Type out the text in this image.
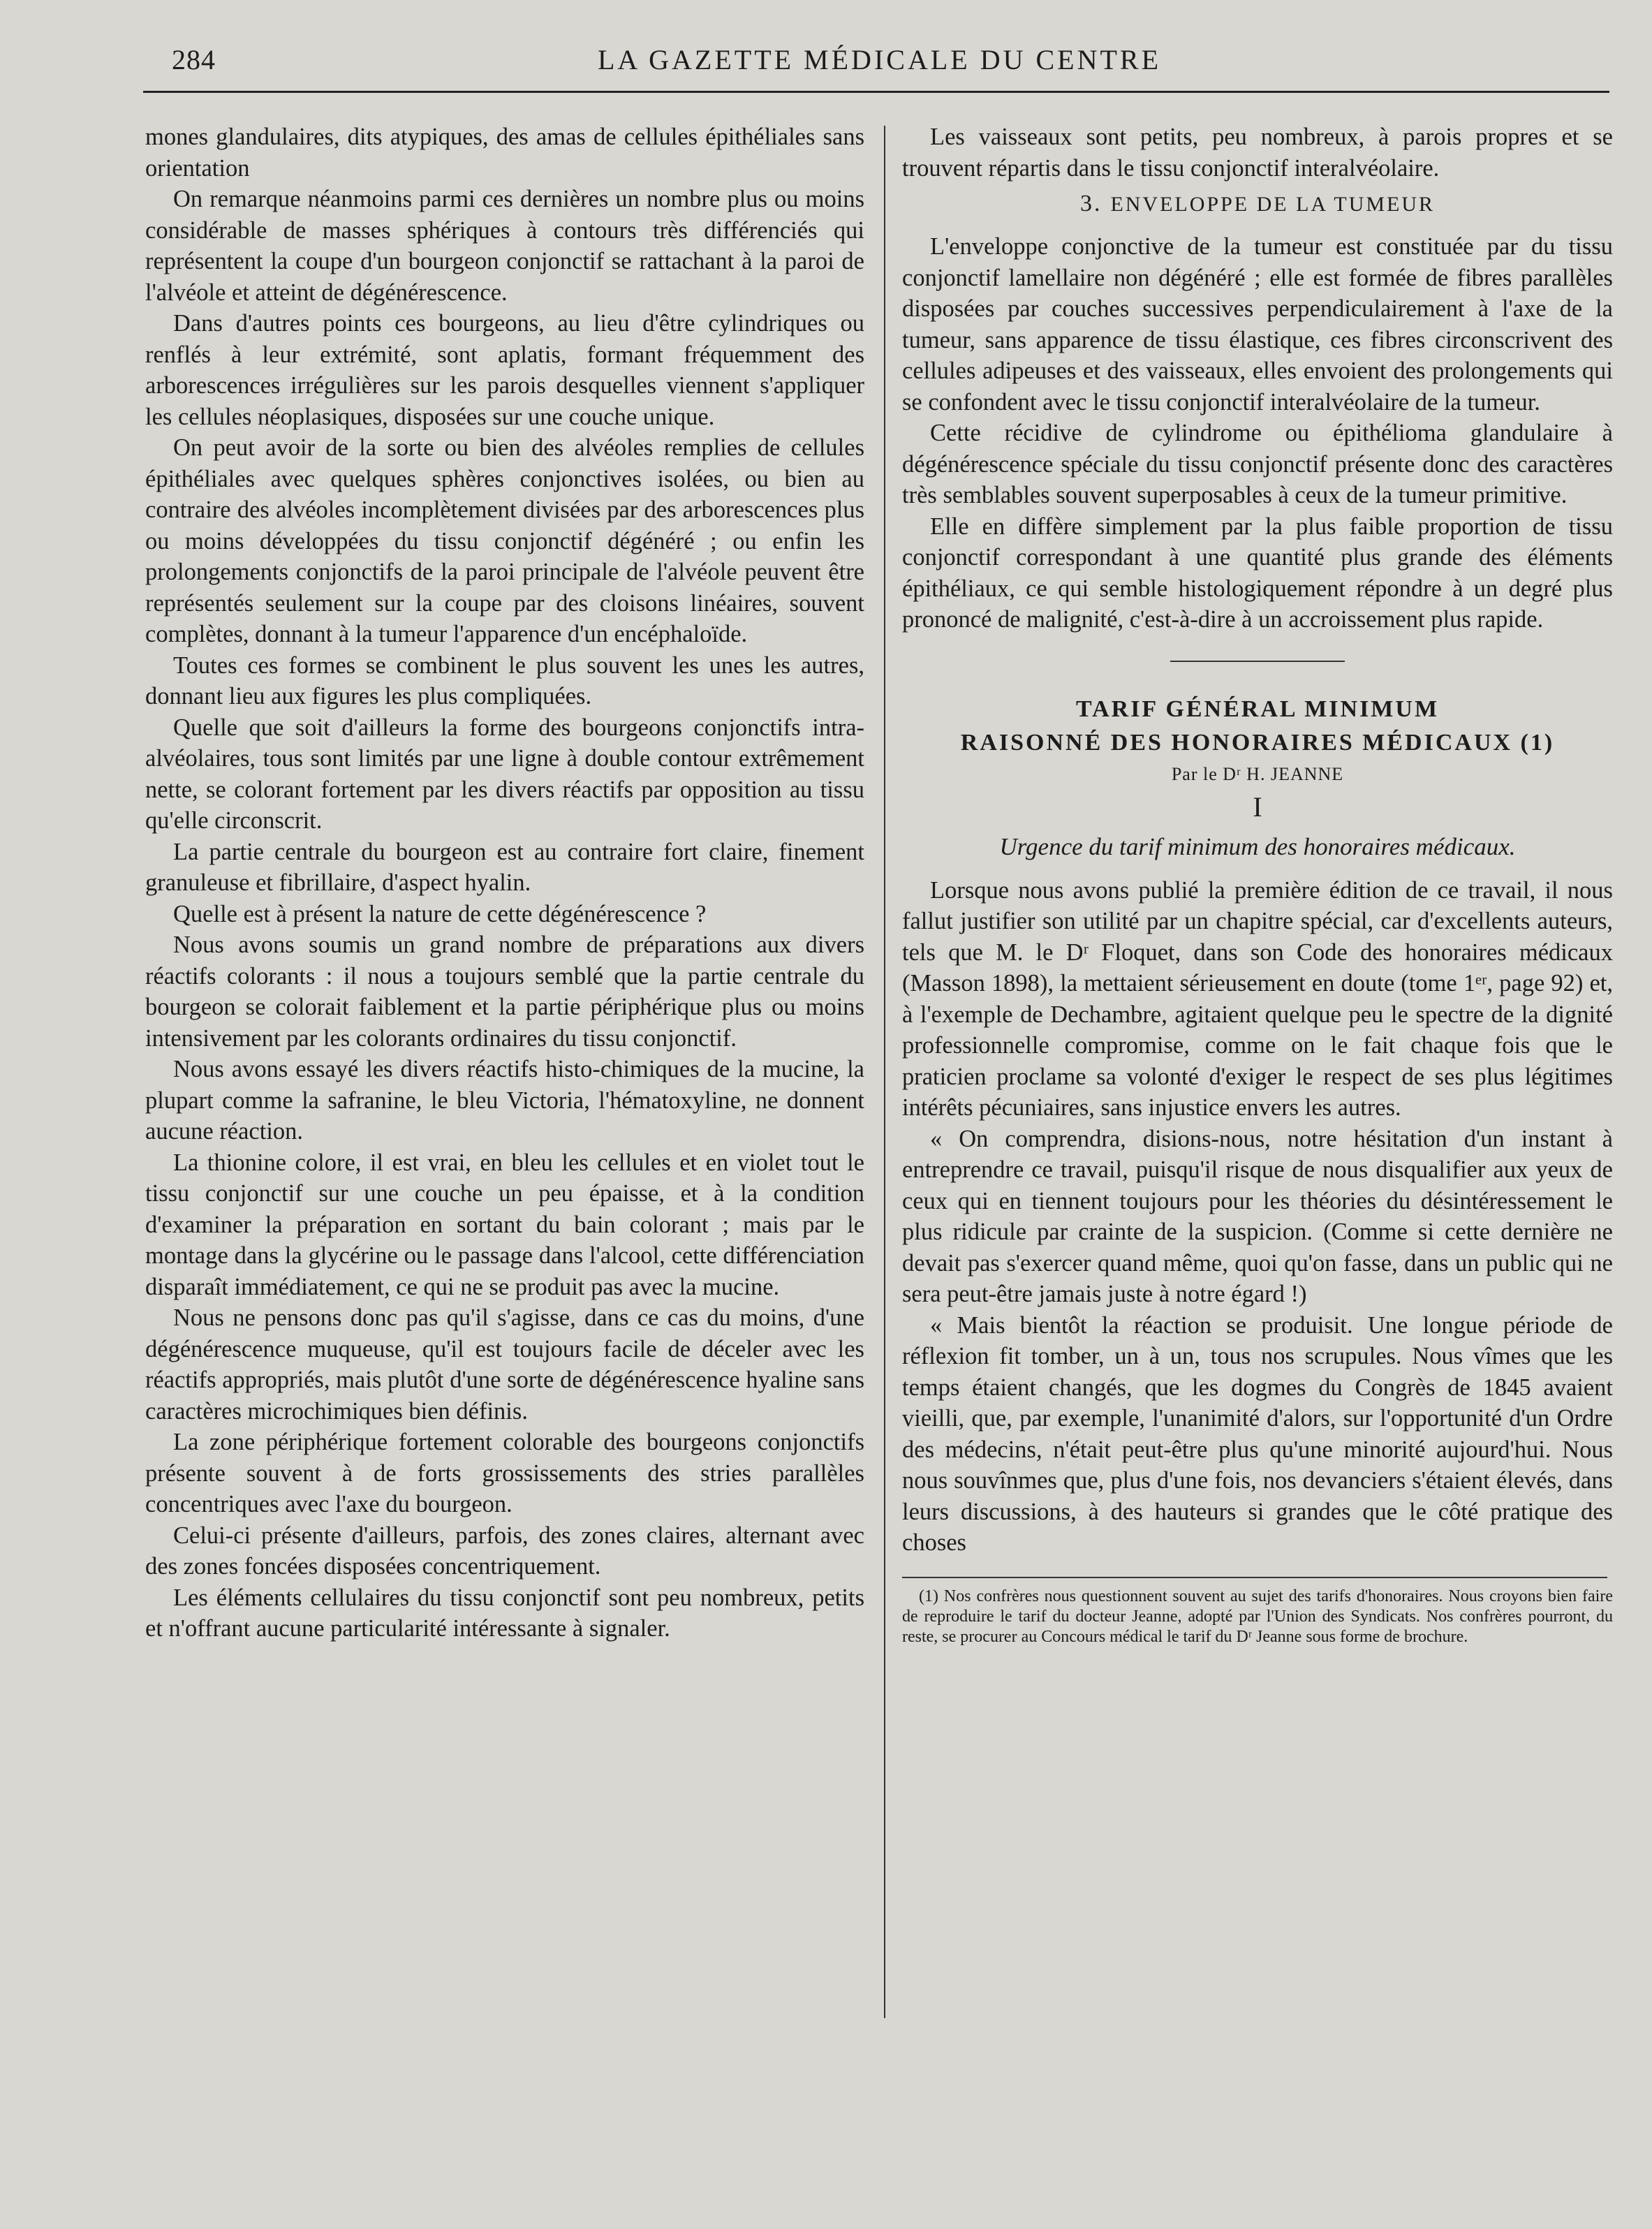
284	LA GAZETTE MÉDICALE DU CENTRE

mones glandulaires, dits atypiques, des amas de cellules épithéliales sans orientation

On remarque néanmoins parmi ces dernières un nombre plus ou moins considérable de masses sphériques à contours très différenciés qui représentent la coupe d'un bourgeon conjonctif se rattachant à la paroi de l'alvéole et atteint de dégénérescence.

Dans d'autres points ces bourgeons, au lieu d'être cylindriques ou renflés à leur extrémité, sont aplatis, formant fréquemment des arborescences irrégulières sur les parois desquelles viennent s'appliquer les cellules néoplasiques, disposées sur une couche unique.

On peut avoir de la sorte ou bien des alvéoles remplies de cellules épithéliales avec quelques sphères conjonctives isolées, ou bien au contraire des alvéoles incomplètement divisées par des arborescences plus ou moins développées du tissu conjonctif dégénéré ; ou enfin les prolongements conjonctifs de la paroi principale de l'alvéole peuvent être représentés seulement sur la coupe par des cloisons linéaires, souvent complètes, donnant à la tumeur l'apparence d'un encéphaloïde.

Toutes ces formes se combinent le plus souvent les unes les autres, donnant lieu aux figures les plus compliquées.

Quelle que soit d'ailleurs la forme des bourgeons conjonctifs intra-alvéolaires, tous sont limités par une ligne à double contour extrêmement nette, se colorant fortement par les divers réactifs par opposition au tissu qu'elle circonscrit.

La partie centrale du bourgeon est au contraire fort claire, finement granuleuse et fibrillaire, d'aspect hyalin.

Quelle est à présent la nature de cette dégénérescence ?

Nous avons soumis un grand nombre de préparations aux divers réactifs colorants : il nous a toujours semblé que la partie centrale du bourgeon se colorait faiblement et la partie périphérique plus ou moins intensivement par les colorants ordinaires du tissu conjonctif.

Nous avons essayé les divers réactifs histo-chimiques de la mucine, la plupart comme la safranine, le bleu Victoria, l'hématoxyline, ne donnent aucune réaction.

La thionine colore, il est vrai, en bleu les cellules et en violet tout le tissu conjonctif sur une couche un peu épaisse, et à la condition d'examiner la préparation en sortant du bain colorant ; mais par le montage dans la glycérine ou le passage dans l'alcool, cette différenciation disparaît immédiatement, ce qui ne se produit pas avec la mucine.

Nous ne pensons donc pas qu'il s'agisse, dans ce cas du moins, d'une dégénérescence muqueuse, qu'il est toujours facile de déceler avec les réactifs appropriés, mais plutôt d'une sorte de dégénérescence hyaline sans caractères microchimiques bien définis.

La zone périphérique fortement colorable des bourgeons conjonctifs présente souvent à de forts grossissements des stries parallèles concentriques avec l'axe du bourgeon.

Celui-ci présente d'ailleurs, parfois, des zones claires, alternant avec des zones foncées disposées concentriquement.

Les éléments cellulaires du tissu conjonctif sont peu nombreux, petits et n'offrant aucune particularité intéressante à signaler.

Les vaisseaux sont petits, peu nombreux, à parois propres et se trouvent répartis dans le tissu conjonctif interalvéolaire.

3. ENVELOPPE DE LA TUMEUR

L'enveloppe conjonctive de la tumeur est constituée par du tissu conjonctif lamellaire non dégénéré ; elle est formée de fibres parallèles disposées par couches successives perpendiculairement à l'axe de la tumeur, sans apparence de tissu élastique, ces fibres circonscrivent des cellules adipeuses et des vaisseaux, elles envoient des prolongements qui se confondent avec le tissu conjonctif interalvéolaire de la tumeur.

Cette récidive de cylindrome ou épithélioma glandulaire à dégénérescence spéciale du tissu conjonctif présente donc des caractères très semblables souvent superposables à ceux de la tumeur primitive.

Elle en diffère simplement par la plus faible proportion de tissu conjonctif correspondant à une quantité plus grande des éléments épithéliaux, ce qui semble histologiquement répondre à un degré plus prononcé de malignité, c'est-à-dire à un accroissement plus rapide.

TARIF GÉNÉRAL MINIMUM
RAISONNÉ DES HONORAIRES MÉDICAUX (1)
Par le Dʳ H. JEANNE
I
Urgence du tarif minimum des honoraires médicaux.

Lorsque nous avons publié la première édition de ce travail, il nous fallut justifier son utilité par un chapitre spécial, car d'excellents auteurs, tels que M. le Dʳ Floquet, dans son Code des honoraires médicaux (Masson 1898), la mettaient sérieusement en doute (tome 1ᵉʳ, page 92) et, à l'exemple de Dechambre, agitaient quelque peu le spectre de la dignité professionnelle compromise, comme on le fait chaque fois que le praticien proclame sa volonté d'exiger le respect de ses plus légitimes intérêts pécuniaires, sans injustice envers les autres.

« On comprendra, disions-nous, notre hésitation d'un instant à entreprendre ce travail, puisqu'il risque de nous disqualifier aux yeux de ceux qui en tiennent toujours pour les théories du désintéressement le plus ridicule par crainte de la suspicion. (Comme si cette dernière ne devait pas s'exercer quand même, quoi qu'on fasse, dans un public qui ne sera peut-être jamais juste à notre égard !)

« Mais bientôt la réaction se produisit. Une longue période de réflexion fit tomber, un à un, tous nos scrupules. Nous vîmes que les temps étaient changés, que les dogmes du Congrès de 1845 avaient vieilli, que, par exemple, l'unanimité d'alors, sur l'opportunité d'un Ordre des médecins, n'était peut-être plus qu'une minorité aujourd'hui. Nous nous souvînmes que, plus d'une fois, nos devanciers s'étaient élevés, dans leurs discussions, à des hauteurs si grandes que le côté pratique des choses

(1) Nos confrères nous questionnent souvent au sujet des tarifs d'honoraires. Nous croyons bien faire de reproduire le tarif du docteur Jeanne, adopté par l'Union des Syndicats. Nos confrères pourront, du reste, se procurer au Concours médical le tarif du Dʳ Jeanne sous forme de brochure.
